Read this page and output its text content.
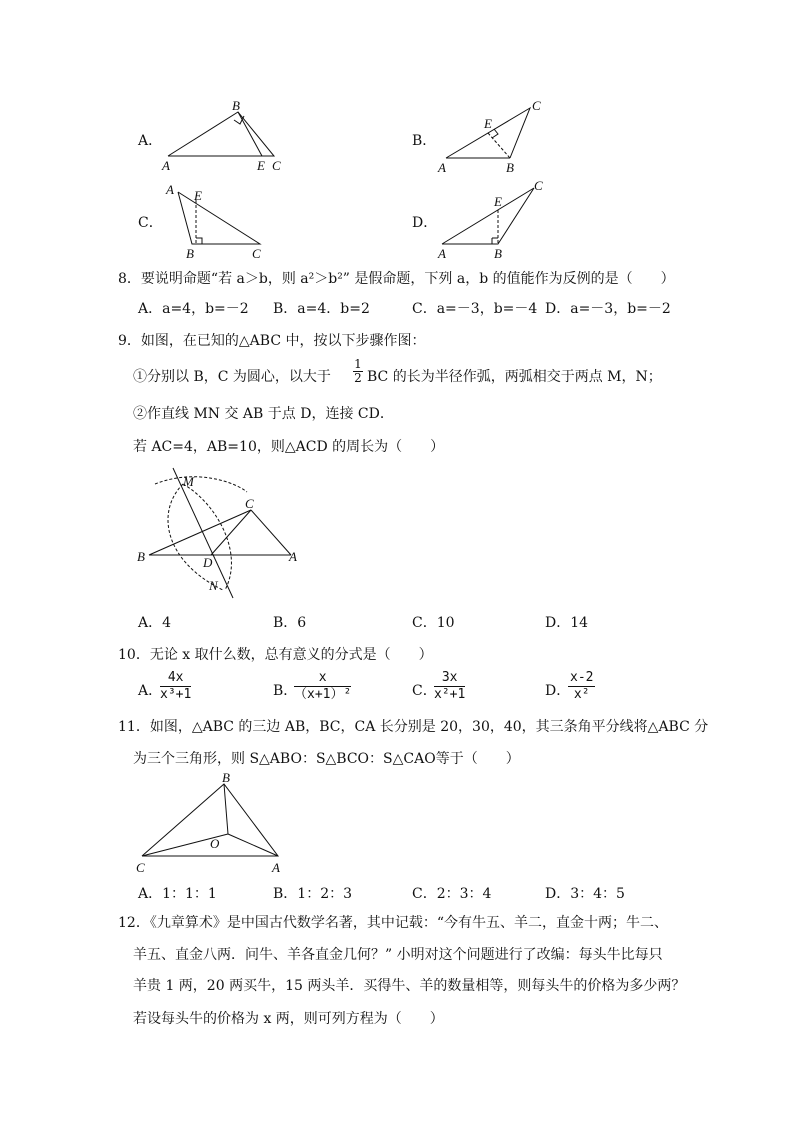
A．
B
A	E C
B．
C
E
A	B
C．
A E
B	C
D．
C
E
A	B
8．要说明命题“若 a＞b，则 a²＞b²” 是假命题，下列 a，b 的值能作为反例的是（　　）
A．a=4，b=－2 B．a=4．b=2	C．a=－3，b=－4 D．a=－3，b=－2
9．如图，在已知的△ABC 中，按以下步骤作图：
①分别以 B，C 为圆心，以大于 $\frac{1}{2}$ BC 的长为半径作弧，两弧相交于两点 M，N；
②作直线 MN 交 AB 于点 D，连接 CD．
若 AC=4，AB=10，则△ACD 的周长为（　　）
M
C
B	D	A
N
A．4	B．6	C．10	D．14
10．无论 x 取什么数，总有意义的分式是（　　）
A．
$\frac{4x}{\text{x³+1}}$	B．
$\frac{x}{\text{（x+1）²}}$	C．
$\frac{3x}{\text{x²+1}}$	D．
$\frac{x-2}{\text{x²}}$
11．如图，△ABC 的三边 AB，BC，CA 长分别是 20，30，40，其三条角平分线将△ABC 分
为三个三角形，则 S△ABO：S△BCO：S△CAO等于（　　）
B
O
C	A
A．1：1：1	B．1：2：3	C．2：3：4	D．3：4：5
12．《九章算术》是中国古代数学名著，其中记载：“今有牛五、羊二，直金十两；牛二、
羊五、直金八两．问牛、羊各直金几何？” 小明对这个问题进行了改编：每头牛比每只
羊贵 1 两，20 两买牛，15 两头羊．买得牛、羊的数量相等，则每头牛的价格为多少两？
若设每头牛的价格为 x 两，则可列方程为（　　）
